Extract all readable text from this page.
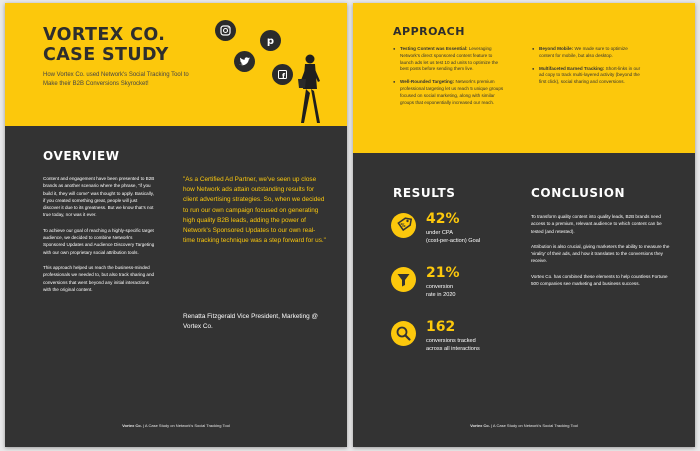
VORTEX CO.
CASE STUDY
How Vortex Co. used Network's Social Tracking Tool to Make their B2B Conversions Skyrocket!
p
f
OVERVIEW

Content and engagement have been presented to B2B brands as another scenario where the phrase, "if you build it, they will come" was thought to apply. Basically, if you created something great, people will just discover it due to its greatness. But we know that's not true today, nor was it ever.

To achieve our goal of reaching a highly-specific target audience, we decided to combine Network's Sponsored Updates and Audience Discovery Targeting with our own proprietary social attribution tools.

This approach helped us reach the business-minded professionals we needed to, but also track sharing and conversions that went beyond any initial interactions with the original content.

"As a Certified Ad Partner, we've seen up close how Network ads attain outstanding results for client advertising strategies. So, when we decided to run our own campaign focused on generating high quality B2B leads, adding the power of Network's Sponsored Updates to our own real-time tracking technique was a step forward for us."

Renatta Fitzgerald Vice President, Marketing @ Vortex Co.
Vortex Co. | A Case Study on Network's Social Tracking Tool
APPROACH
● Testing Content was Essential: Leveraging Network's direct sponsored content feature to launch ads let us test 10 ad units to optimize the best posts before sending them live.
● Well-Rounded Targeting: Network's premium professional targeting let us reach 5 unique groups focused on social marketing, along with similar groups that exponentially increased our reach.
● Beyond Mobile: We made sure to optimize content for mobile, but also desktop.
● Multifaceted Earned Tracking: Short-links in our ad copy to track multi-layered activity (beyond the first click), social sharing and conversions.
RESULTS	CONCLUSION
% 42%
under CPA
(cost-per-action) Goal
21%
conversion
rate in 2020
162
conversions tracked
across all interactions

To transform quality content into quality leads, B2B brands need access to a premium, relevant audience to which content can be tested (and retested).

Attribution is also crucial, giving marketers the ability to measure the 'virality' of their ads, and how it translates to the conversions they receive.

Vortex Co. has combined these elements to help countless Fortune 500 companies see marketing and business success.

Vortex Co. | A Case Study on Network's Social Tracking Tool
